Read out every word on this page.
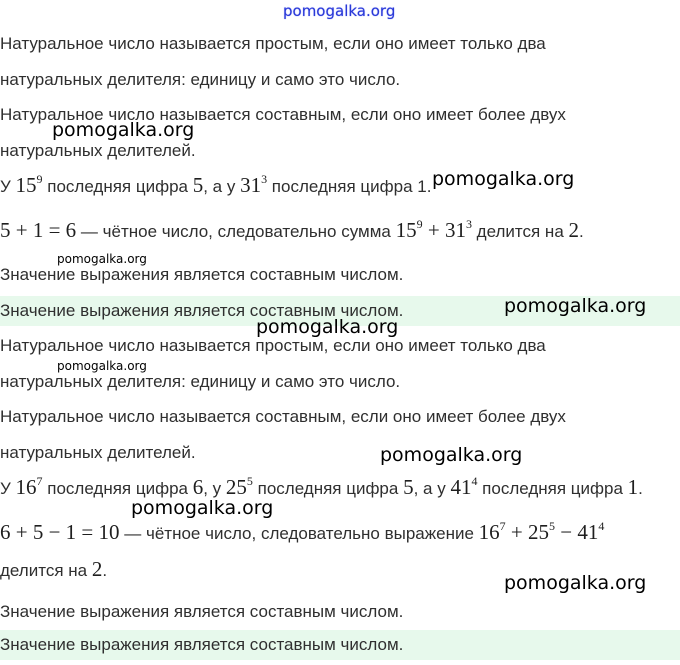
Натуральное число называется простым, если оно имеет только два
натуральных делителя: единицу и само это число.
Натуральное число называется составным, если оно имеет более двух
натуральных делителей.
У $15^9$ последняя цифра 5, а у $31^3$ последняя цифра 1.
5 + 1 = 6 — чётное число, следовательно сумма $15^9 + 31^3$ делится на 2.
Значение выражения является составным числом.
Значение выражения является составным числом.
Натуральное число называется простым, если оно имеет только два
натуральных делителя: единицу и само это число.
Натуральное число называется составным, если оно имеет более двух
натуральных делителей.
У $16^7$ последняя цифра 6, у $25^5$ последняя цифра 5, а у $41^4$ последняя цифра 1.
6 + 5 − 1 = 10 — чётное число, следовательно выражение $16^7 + 25^5 - 41^4$
делится на 2.
Значение выражения является составным числом.
Значение выражения является составным числом.
pomogalka.org
pomogalka.org
pomogalka.org
pomogalka.org
pomogalka.org
pomogalka.org
pomogalka.org
pomogalka.org
pomogalka.org
pomogalka.org
